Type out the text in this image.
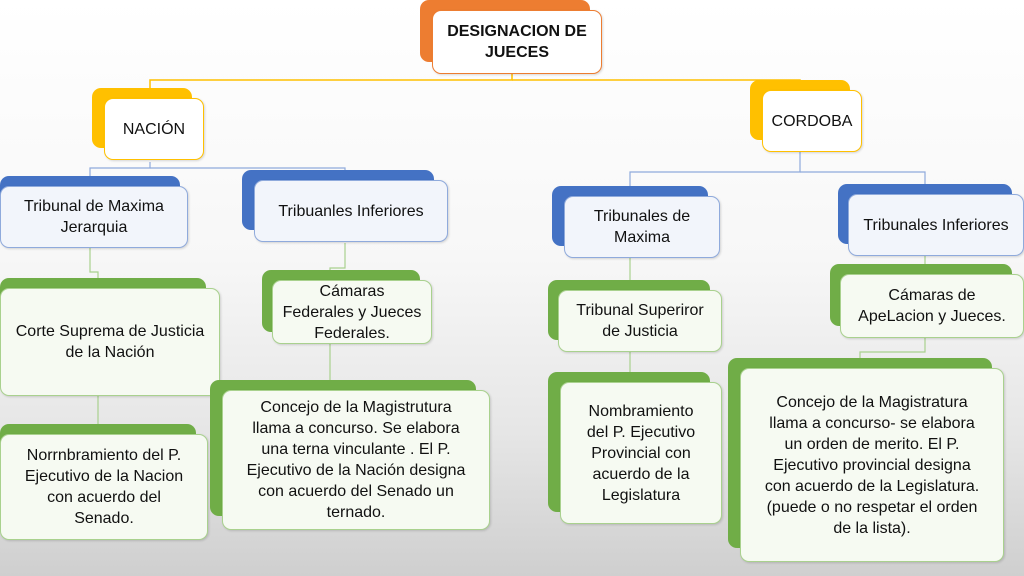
DESIGNACION DE
JUECES
NACIÓN	CORDOBA
Tribunal de Maxima
Jerarquia
Tribuanles Inferiores	Tribunales de
Maxima
Tribunales Inferiores
Corte Suprema de Justicia
de la Nación
Cámaras
Federales y Jueces
Federales.
Tribunal Superiror
de Justicia
Cámaras de
ApeLacion y Jueces.
Norrnbramiento del P.
Ejecutivo de la Nacion
con acuerdo del
Senado.
Concejo de la Magistrutura
llama a concurso. Se elabora
una terna vinculante . El P.
Ejecutivo de la Nación designa
con acuerdo del Senado un
ternado.
Nombramiento
del P. Ejecutivo
Provincial con
acuerdo de la
Legislatura
Concejo de la Magistratura
llama a concurso- se elabora
un orden de merito. El P.
Ejecutivo provincial designa
con acuerdo de la Legislatura.
(puede o no respetar el orden
de la lista).
